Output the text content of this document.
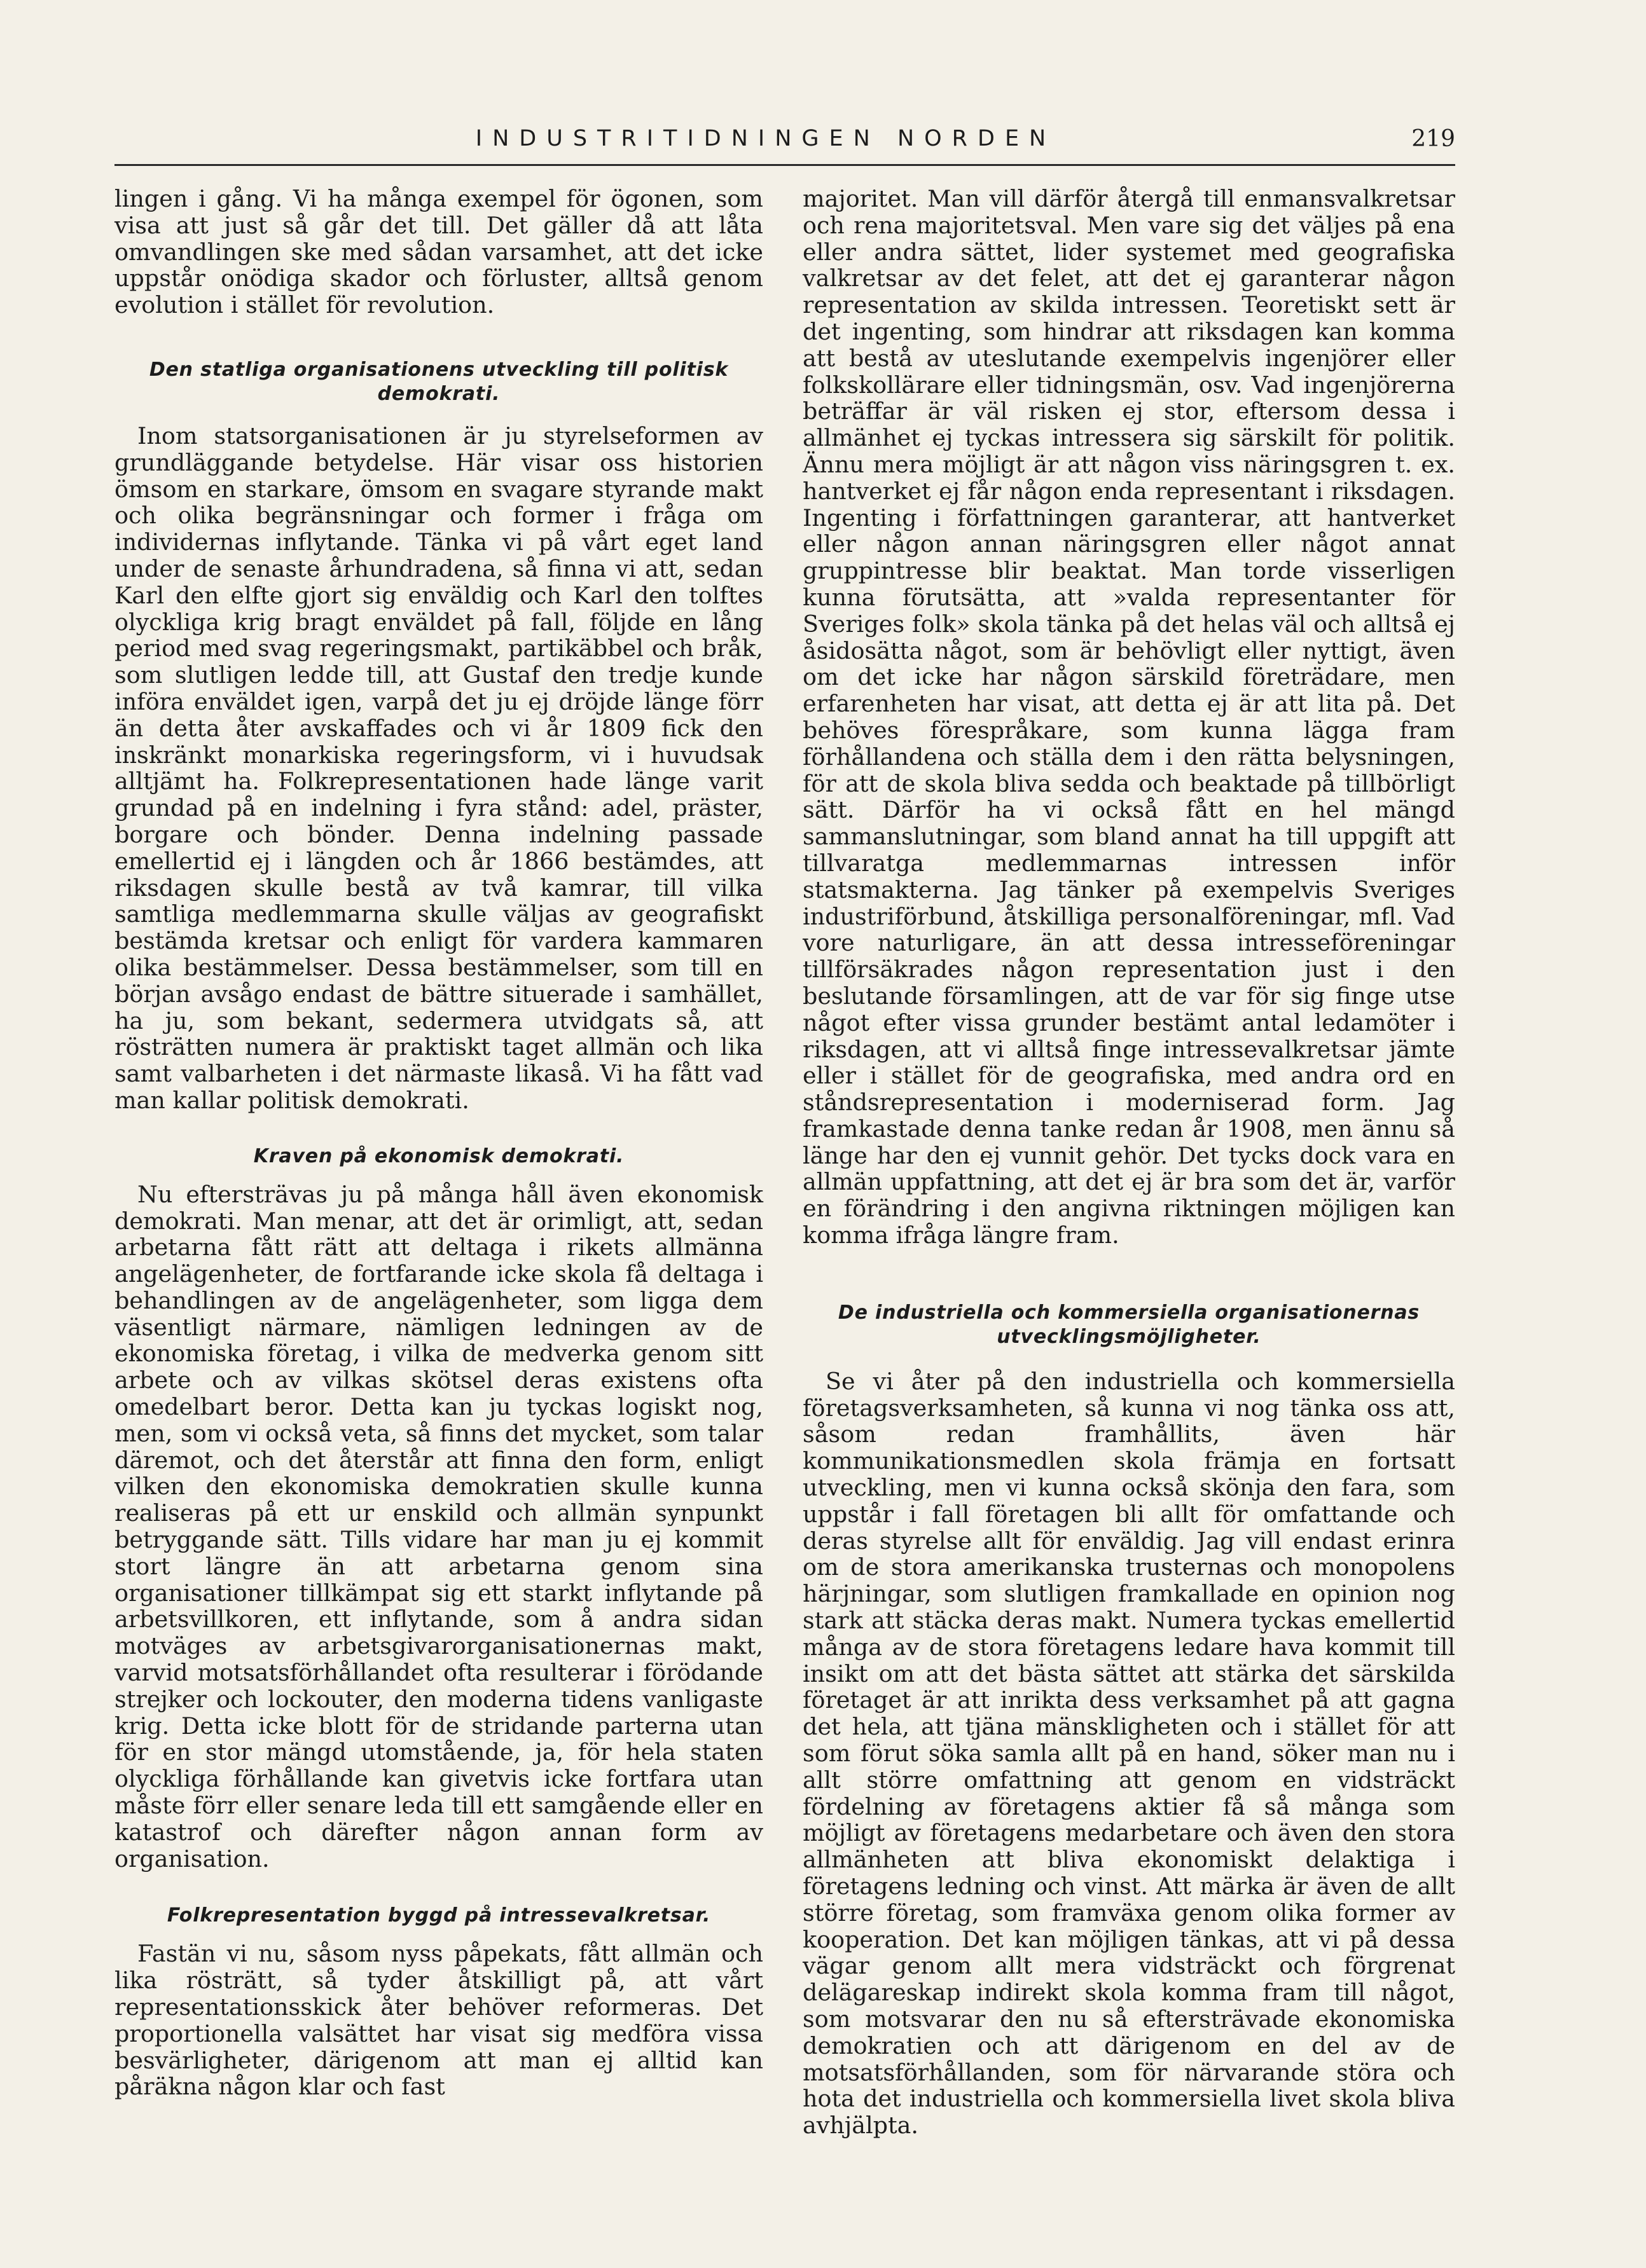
INDUSTRITIDNINGEN NORDEN	219

lingen i gång. Vi ha många exempel för ögonen, som visa att just så går det till. Det gäller då att låta omvandlingen ske med sådan varsamhet, att det icke uppstår onödiga skador och förluster, alltså genom evolution i stället för revolution.

Den statliga organisationens utveckling till politisk demokrati.

Inom statsorganisationen är ju styrelseformen av grundläggande betydelse. Här visar oss historien ömsom en starkare, ömsom en svagare styrande makt och olika begränsningar och former i fråga om individernas inflytande. Tänka vi på vårt eget land under de senaste århundradena, så finna vi att, sedan Karl den elfte gjort sig enväldig och Karl den tolftes olyckliga krig bragt enväldet på fall, följde en lång period med svag regeringsmakt, partikäbbel och bråk, som slutligen ledde till, att Gustaf den tredje kunde införa enväldet igen, varpå det ju ej dröjde länge förr än detta åter avskaffades och vi år 1809 fick den inskränkt monarkiska regeringsform, vi i huvudsak alltjämt ha. Folkrepresentationen hade länge varit grundad på en indelning i fyra stånd: adel, präster, borgare och bönder. Denna indelning passade emellertid ej i längden och år 1866 bestämdes, att riksdagen skulle bestå av två kamrar, till vilka samtliga medlemmarna skulle väljas av geografiskt bestämda kretsar och enligt för vardera kammaren olika bestämmelser. Dessa bestämmelser, som till en början avsågo endast de bättre situerade i samhället, ha ju, som bekant, sedermera utvidgats så, att rösträtten numera är praktiskt taget allmän och lika samt valbarheten i det närmaste likaså. Vi ha fått vad man kallar politisk demokrati.

Kraven på ekonomisk demokrati.

Nu eftersträvas ju på många håll även ekonomisk demokrati. Man menar, att det är orimligt, att, sedan arbetarna fått rätt att deltaga i rikets allmänna angelägenheter, de fortfarande icke skola få deltaga i behandlingen av de angelägenheter, som ligga dem väsentligt närmare, nämligen ledningen av de ekonomiska företag, i vilka de medverka genom sitt arbete och av vilkas skötsel deras existens ofta omedelbart beror. Detta kan ju tyckas logiskt nog, men, som vi också veta, så finns det mycket, som talar däremot, och det återstår att finna den form, enligt vilken den ekonomiska demokratien skulle kunna realiseras på ett ur enskild och allmän synpunkt betryggande sätt. Tills vidare har man ju ej kommit stort längre än att arbetarna genom sina organisationer tillkämpat sig ett starkt inflytande på arbetsvillkoren, ett inflytande, som å andra sidan motväges av arbetsgivarorganisationernas makt, varvid motsatsförhållandet ofta resulterar i förödande strejker och lockouter, den moderna tidens vanligaste krig. Detta icke blott för de stridande parterna utan för en stor mängd utomstående, ja, för hela staten olyckliga förhållande kan givetvis icke fortfara utan måste förr eller senare leda till ett samgående eller en katastrof och därefter någon annan form av organisation.

Folkrepresentation byggd på intressevalkretsar.

Fastän vi nu, såsom nyss påpekats, fått allmän och lika rösträtt, så tyder åtskilligt på, att vårt representationsskick åter behöver reformeras. Det proportionella valsättet har visat sig medföra vissa besvärligheter, därigenom att man ej alltid kan påräkna någon klar och fast

majoritet. Man vill därför återgå till enmansvalkretsar och rena majoritetsval. Men vare sig det väljes på ena eller andra sättet, lider systemet med geografiska valkretsar av det felet, att det ej garanterar någon representation av skilda intressen. Teoretiskt sett är det ingenting, som hindrar att riksdagen kan komma att bestå av uteslutande exempelvis ingenjörer eller folkskollärare eller tidningsmän, osv. Vad ingenjörerna beträffar är väl risken ej stor, eftersom dessa i allmänhet ej tyckas intressera sig särskilt för politik. Ännu mera möjligt är att någon viss näringsgren t. ex. hantverket ej får någon enda representant i riksdagen. Ingenting i författningen garanterar, att hantverket eller någon annan näringsgren eller något annat gruppintresse blir beaktat. Man torde visserligen kunna förutsätta, att »valda representanter för Sveriges folk» skola tänka på det helas väl och alltså ej åsidosätta något, som är behövligt eller nyttigt, även om det icke har någon särskild företrädare, men erfarenheten har visat, att detta ej är att lita på. Det behöves förespråkare, som kunna lägga fram förhållandena och ställa dem i den rätta belysningen, för att de skola bliva sedda och beaktade på tillbörligt sätt. Därför ha vi också fått en hel mängd sammanslutningar, som bland annat ha till uppgift att tillvaratga medlemmarnas intressen inför statsmakterna. Jag tänker på exempelvis Sveriges industriförbund, åtskilliga personalföreningar, mfl. Vad vore naturligare, än att dessa intresseföreningar tillförsäkrades någon representation just i den beslutande församlingen, att de var för sig finge utse något efter vissa grunder bestämt antal ledamöter i riksdagen, att vi alltså finge intressevalkretsar jämte eller i stället för de geografiska, med andra ord en ståndsrepresentation i moderniserad form. Jag framkastade denna tanke redan år 1908, men ännu så länge har den ej vunnit gehör. Det tycks dock vara en allmän uppfattning, att det ej är bra som det är, varför en förändring i den angivna riktningen möjligen kan komma ifråga längre fram.

De industriella och kommersiella organisationernas utvecklingsmöjligheter.

Se vi åter på den industriella och kommersiella företagsverksamheten, så kunna vi nog tänka oss att, såsom redan framhållits, även här kommunikationsmedlen skola främja en fortsatt utveckling, men vi kunna också skönja den fara, som uppstår i fall företagen bli allt för omfattande och deras styrelse allt för enväldig. Jag vill endast erinra om de stora amerikanska trusternas och monopolens härjningar, som slutligen framkallade en opinion nog stark att stäcka deras makt. Numera tyckas emellertid många av de stora företagens ledare hava kommit till insikt om att det bästa sättet att stärka det särskilda företaget är att inrikta dess verksamhet på att gagna det hela, att tjäna mänskligheten och i stället för att som förut söka samla allt på en hand, söker man nu i allt större omfattning att genom en vidsträckt fördelning av företagens aktier få så många som möjligt av företagens medarbetare och även den stora allmänheten att bliva ekonomiskt delaktiga i företagens ledning och vinst. Att märka är även de allt större företag, som framväxa genom olika former av kooperation. Det kan möjligen tänkas, att vi på dessa vägar genom allt mera vidsträckt och förgrenat delägareskap indirekt skola komma fram till något, som motsvarar den nu så eftersträvade ekonomiska demokratien och att därigenom en del av de motsatsförhållanden, som för närvarande störa och hota det industriella och kommersiella livet skola bliva avhjälpta.
